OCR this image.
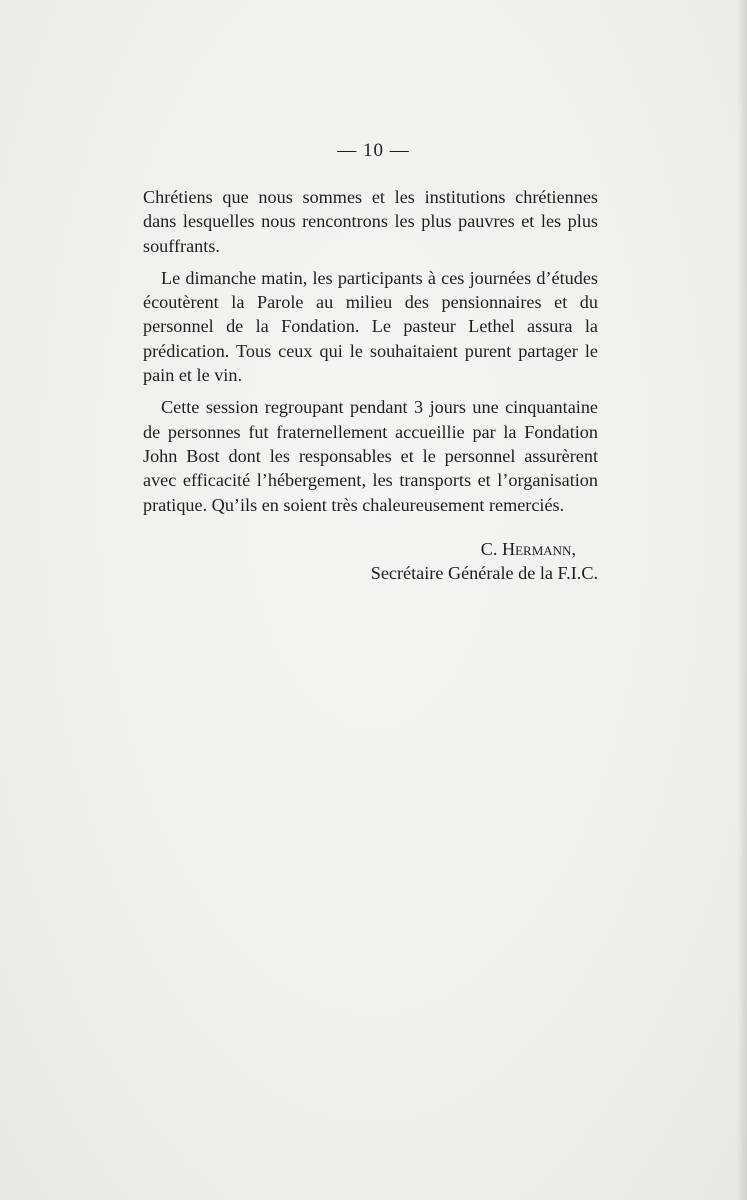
— 10 —

Chrétiens que nous sommes et les institutions chrétiennes dans lesquelles nous rencontrons les plus pauvres et les plus souffrants.

Le dimanche matin, les participants à ces journées d’études écoutèrent la Parole au milieu des pensionnaires et du personnel de la Fondation. Le pasteur Lethel assura la prédication. Tous ceux qui le souhaitaient purent partager le pain et le vin.

Cette session regroupant pendant 3 jours une cinquantaine de personnes fut fraternellement accueillie par la Fondation John Bost dont les responsables et le personnel assurèrent avec efficacité l’hébergement, les transports et l’organisation pratique. Qu’ils en soient très chaleureusement remerciés.

C. Hermann,
Secrétaire Générale de la F.I.C.
